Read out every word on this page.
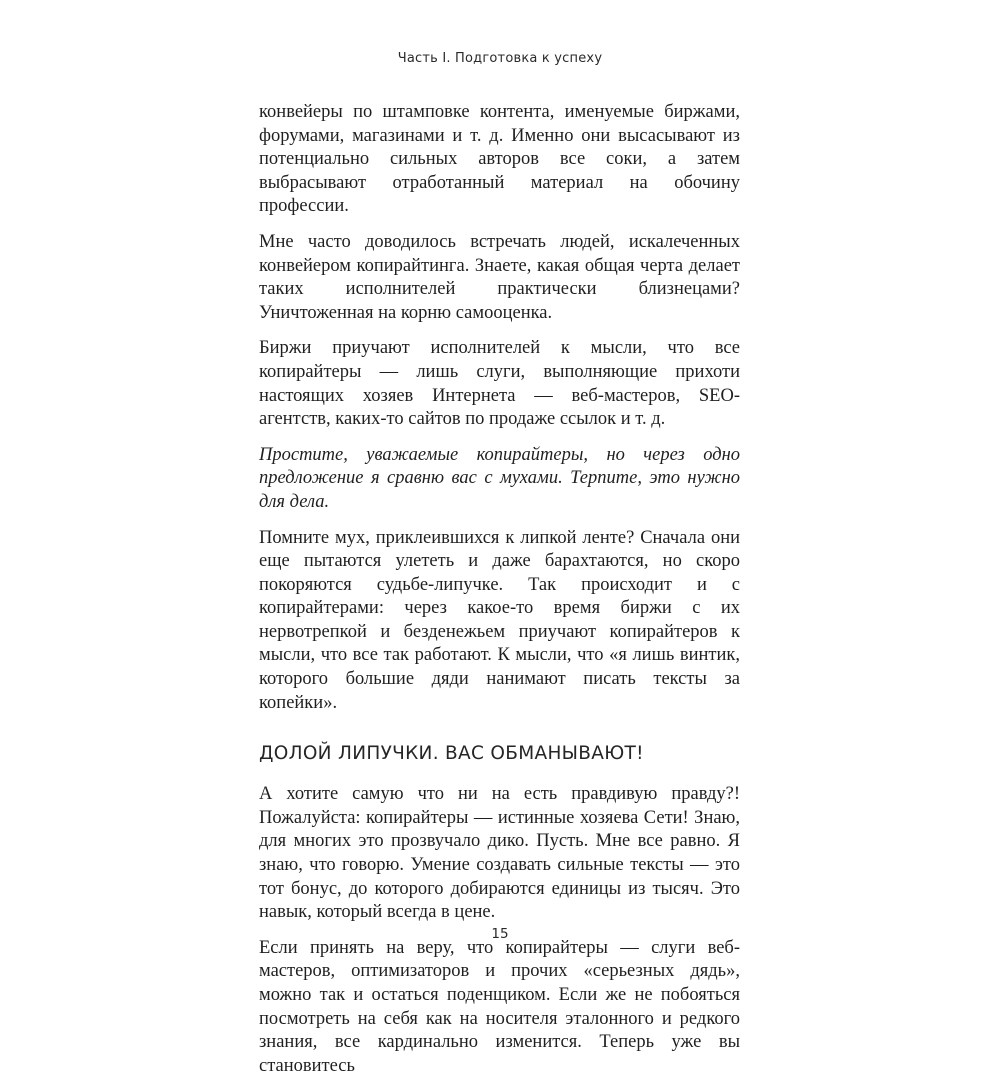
Часть I. Подготовка к успеху

конвейеры по штамповке контента, именуемые биржами, форумами, магазинами и т. д. Именно они высасывают из потенциально сильных авторов все соки, а затем выбрасывают отработанный материал на обочину профессии.

Мне часто доводилось встречать людей, искалеченных конвейером копирайтинга. Знаете, какая общая черта делает таких исполнителей практически близнецами? Уничтоженная на корню самооценка.

Биржи приучают исполнителей к мысли, что все копирайтеры — лишь слуги, выполняющие прихоти настоящих хозяев Интернета — веб-мастеров, SEO-агентств, каких-то сайтов по продаже ссылок и т. д.

Простите, уважаемые копирайтеры, но через одно предложение я сравню вас с мухами. Терпите, это нужно для дела.

Помните мух, приклеившихся к липкой ленте? Сначала они еще пытаются улететь и даже барахтаются, но скоро покоряются судьбе-липучке. Так происходит и с копирайтерами: через какое-то время биржи с их нервотрепкой и безденежьем приучают копирайтеров к мысли, что все так работают. К мысли, что «я лишь винтик, которого большие дяди нанимают писать тексты за копейки».

ДОЛОЙ ЛИПУЧКИ. ВАС ОБМАНЫВАЮТ!

А хотите самую что ни на есть правдивую правду?! Пожалуйста: копирайтеры — истинные хозяева Сети! Знаю, для многих это прозвучало дико. Пусть. Мне все равно. Я знаю, что говорю. Умение создавать сильные тексты — это тот бонус, до которого добираются единицы из тысяч. Это навык, который всегда в цене.

Если принять на веру, что копирайтеры — слуги веб-мастеров, оптимизаторов и прочих «серьезных дядь», можно так и остаться поденщиком. Если же не побояться посмотреть на себя как на носителя эталонного и редкого знания, все кардинально изменится. Теперь уже вы становитесь

15
